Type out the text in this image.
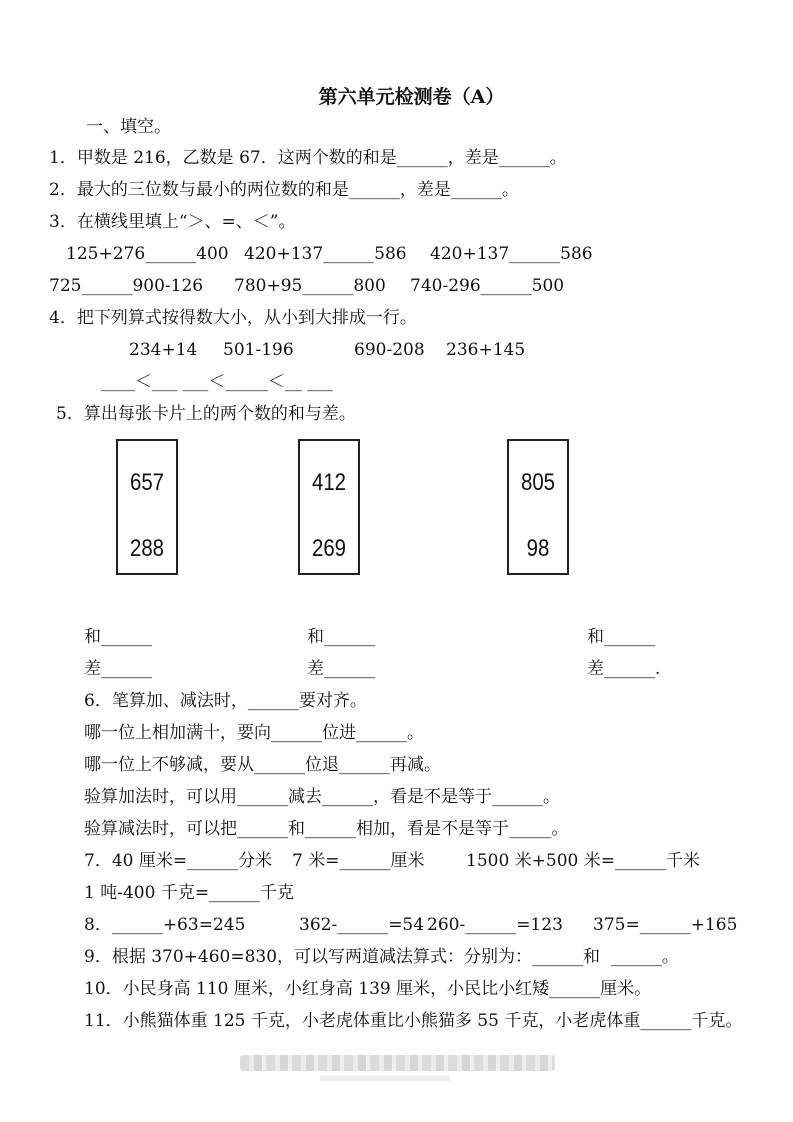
第六单元检测卷（A）
一、填空。
1．甲数是 216，乙数是 67．这两个数的和是______，差是______。
2．最大的三位数与最小的两位数的和是______，差是______。
3．在横线里填上“＞、=、＜”。
125+276______400 420+137______586 420+137______586
725______900-126 780+95______800 740-296______500
4．把下列算式按得数大小，从小到大排成一行。
234+14 501-196	690-208 236+145
____＜___ ___＜_____＜__ ___
5．算出每张卡片上的两个数的和与差。
657
288
412
269
805
98
和______	和______	和______
差______	差______	差______.
6．笔算加、减法时，______要对齐。
哪一位上相加满十，要向______位进______。
哪一位上不够减，要从______位退______再减。
验算加法时，可以用______减去______，看是不是等于______。
验算减法时，可以把______和______相加，看是不是等于_____。
7．40 厘米=______分米 7 米=______厘米 1500 米+500 米=______千米
1 吨-400 千克=______千克
8．______+63=245	362-______=54 260-______=123 375=______+165
9．根据 370+460=830，可以写两道减法算式：分别为：______和  ______。
10．小民身高 110 厘米，小红身高 139 厘米，小民比小红矮______厘米。
11．小熊猫体重 125 千克，小老虎体重比小熊猫多 55 千克，小老虎体重______千克。
